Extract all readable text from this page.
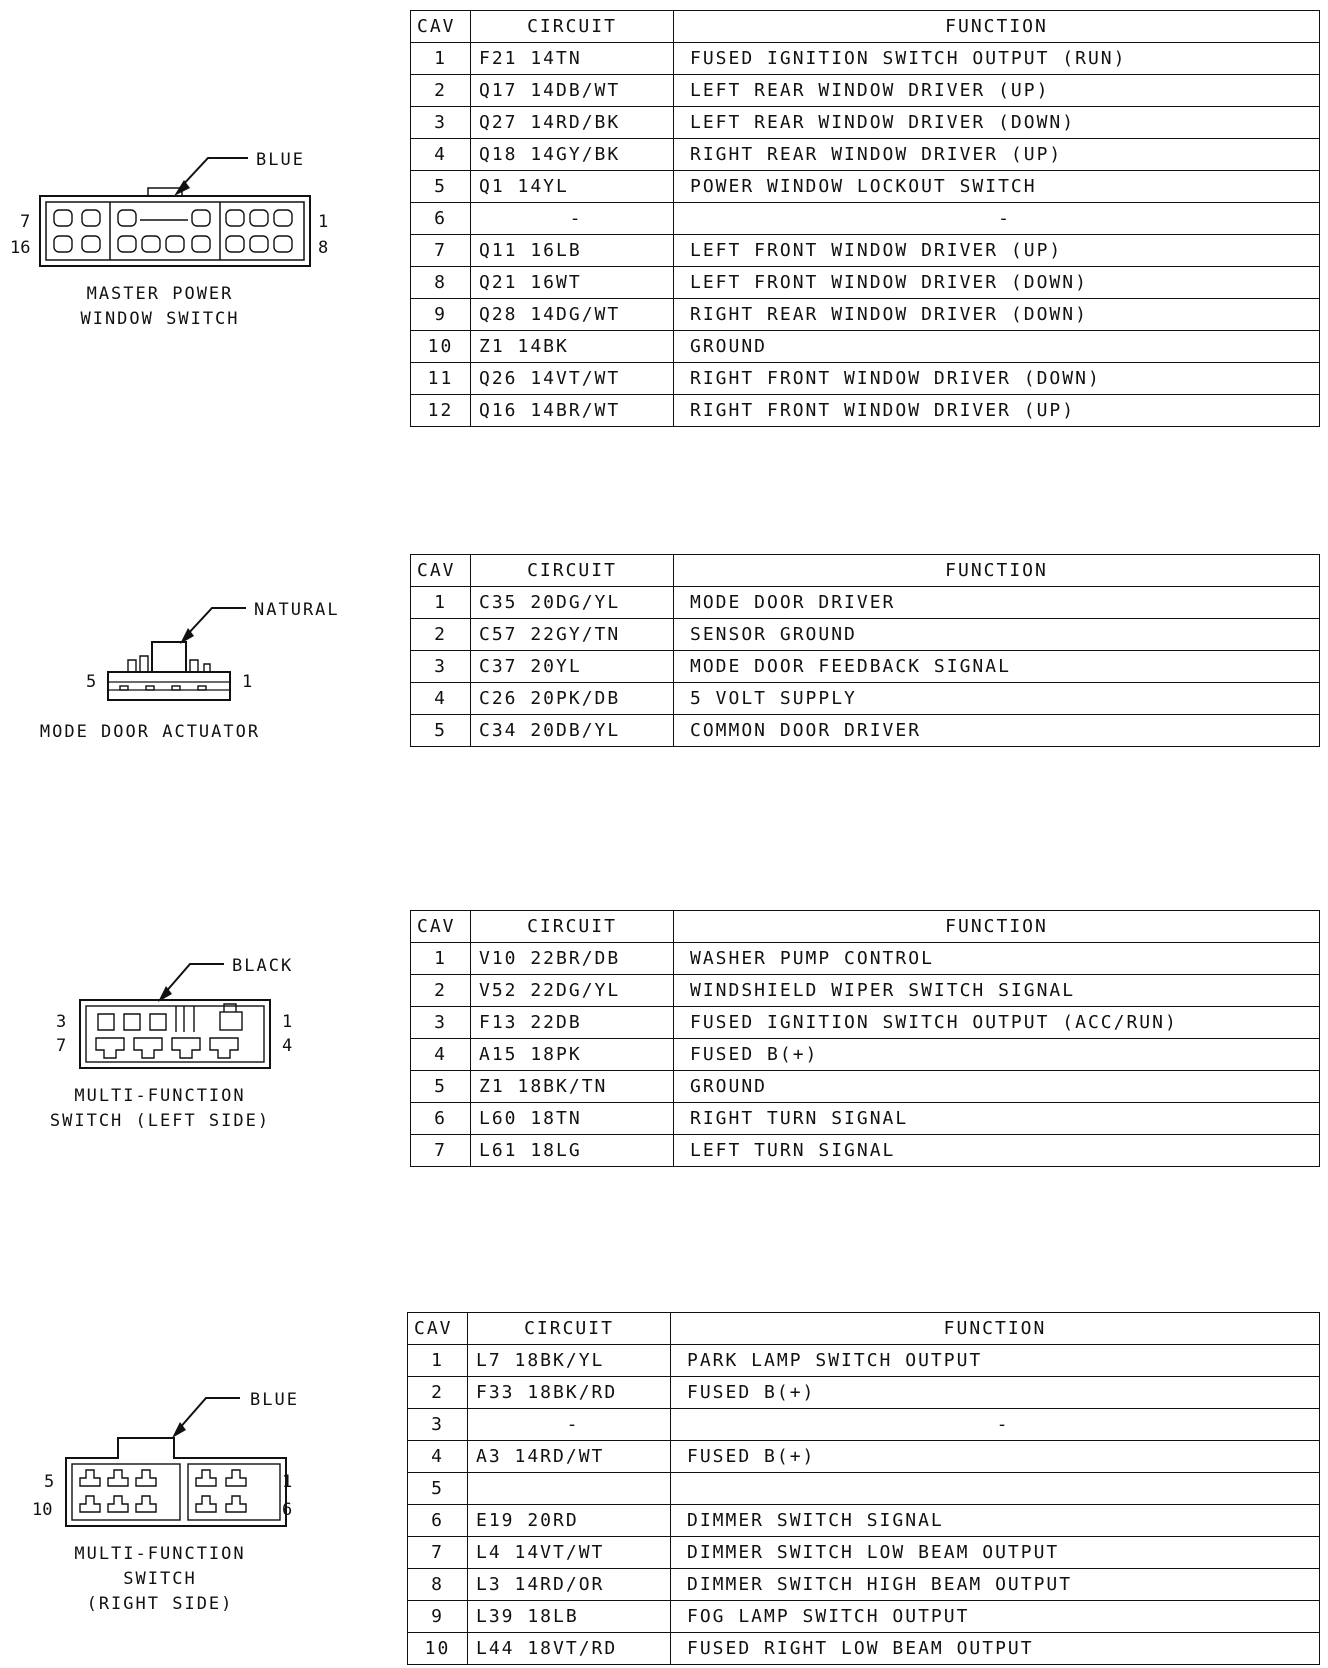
BLUE
7
16
1
8
MASTER POWER
WINDOW SWITCH
CAV	CIRCUIT	FUNCTION
1	F21 14TN	FUSED IGNITION SWITCH OUTPUT (RUN)
2	Q17 14DB/WT	LEFT REAR WINDOW DRIVER (UP)
3	Q27 14RD/BK	LEFT REAR WINDOW DRIVER (DOWN)
4	Q18 14GY/BK	RIGHT REAR WINDOW DRIVER (UP)
5	Q1 14YL	POWER WINDOW LOCKOUT SWITCH
6	-	-
7	Q11 16LB	LEFT FRONT WINDOW DRIVER (UP)
8	Q21 16WT	LEFT FRONT WINDOW DRIVER (DOWN)
9	Q28 14DG/WT	RIGHT REAR WINDOW DRIVER (DOWN)
10	Z1 14BK	GROUND
11	Q26 14VT/WT	RIGHT FRONT WINDOW DRIVER (DOWN)
12	Q16 14BR/WT	RIGHT FRONT WINDOW DRIVER (UP)
NATURAL
5	1
MODE DOOR ACTUATOR
CAV	CIRCUIT	FUNCTION
1	C35 20DG/YL	MODE DOOR DRIVER
2	C57 22GY/TN	SENSOR GROUND
3	C37 20YL	MODE DOOR FEEDBACK SIGNAL
4	C26 20PK/DB	5 VOLT SUPPLY
5	C34 20DB/YL	COMMON DOOR DRIVER
BLACK
3
7
1
4
MULTI-FUNCTION
SWITCH (LEFT SIDE)
CAV	CIRCUIT	FUNCTION
1	V10 22BR/DB	WASHER PUMP CONTROL
2	V52 22DG/YL	WINDSHIELD WIPER SWITCH SIGNAL
3	F13 22DB	FUSED IGNITION SWITCH OUTPUT (ACC/RUN)
4	A15 18PK	FUSED B(+)
5	Z1 18BK/TN	GROUND
6	L60 18TN	RIGHT TURN SIGNAL
7	L61 18LG	LEFT TURN SIGNAL
BLUE
5
10
1
6
MULTI-FUNCTION
SWITCH
(RIGHT SIDE)
CAV	CIRCUIT	FUNCTION
1	L7 18BK/YL	PARK LAMP SWITCH OUTPUT
2	F33 18BK/RD	FUSED B(+)
3	-	-
4	A3 14RD/WT	FUSED B(+)
5		
6	E19 20RD	DIMMER SWITCH SIGNAL
7	L4 14VT/WT	DIMMER SWITCH LOW BEAM OUTPUT
8	L3 14RD/OR	DIMMER SWITCH HIGH BEAM OUTPUT
9	L39 18LB	FOG LAMP SWITCH OUTPUT
10	L44 18VT/RD	FUSED RIGHT LOW BEAM OUTPUT
